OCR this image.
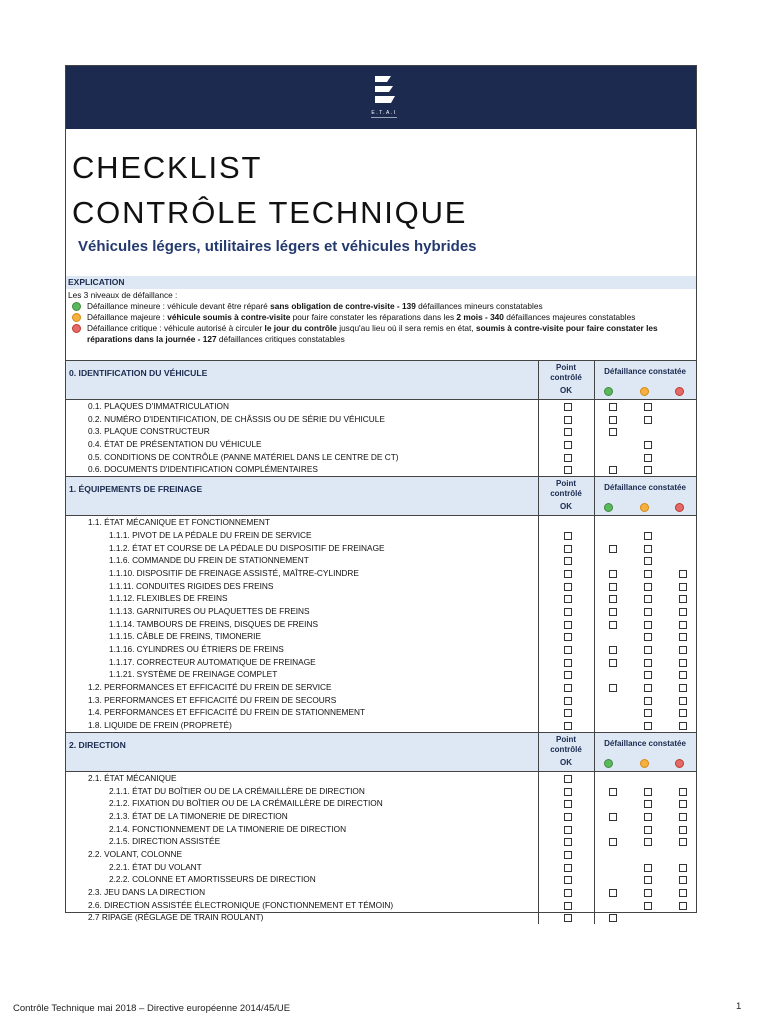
E.T.A.I
CHECKLIST
CONTRÔLE TECHNIQUE
Véhicules légers, utilitaires légers et véhicules hybrides
EXPLICATION
Les 3 niveaux de défaillance :
Défaillance mineure : véhicule devant être réparé sans obligation de contre-visite - 139 défaillances mineurs constatables
Défaillance majeure : véhicule soumis à contre-visite pour faire constater les réparations dans les 2 mois - 340 défaillances majeures constatables
Défaillance critique : véhicule autorisé à circuler le jour du contrôle jusqu'au lieu où il sera remis en état, soumis à contre-visite pour faire constater les réparations dans la journée - 127 défaillances critiques constatables
0. IDENTIFICATION DU VÉHICULE
Point
contrôlé
OK
Défaillance constatée
0.1. PLAQUES D'IMMATRICULATION
0.2. NUMÉRO D'IDENTIFICATION, DE CHÂSSIS OU DE SÉRIE DU VÉHICULE
0.3. PLAQUE CONSTRUCTEUR
0.4. ÉTAT DE PRÉSENTATION DU VÉHICULE
0.5. CONDITIONS DE CONTRÔLE (PANNE MATÉRIEL DANS LE CENTRE DE CT)
0.6. DOCUMENTS D'IDENTIFICATION COMPLÉMENTAIRES
1. ÉQUIPEMENTS DE FREINAGE
Point
contrôlé
OK
Défaillance constatée
1.1. ÉTAT MÉCANIQUE ET FONCTIONNEMENT
1.1.1. PIVOT DE LA PÉDALE DU FREIN DE SERVICE
1.1.2. ÉTAT ET COURSE DE LA PÉDALE DU DISPOSITIF DE FREINAGE
1.1.6. COMMANDE DU FREIN DE STATIONNEMENT
1.1.10. DISPOSITIF DE FREINAGE ASSISTÉ, MAÎTRE-CYLINDRE
1.1.11. CONDUITES RIGIDES DES FREINS
1.1.12. FLEXIBLES DE FREINS
1.1.13. GARNITURES OU PLAQUETTES DE FREINS
1.1.14. TAMBOURS DE FREINS, DISQUES DE FREINS
1.1.15. CÂBLE DE FREINS, TIMONERIE
1.1.16. CYLINDRES OU ÉTRIERS DE FREINS
1.1.17. CORRECTEUR AUTOMATIQUE DE FREINAGE
1.1.21. SYSTÈME DE FREINAGE COMPLET
1.2. PERFORMANCES ET EFFICACITÉ DU FREIN DE SERVICE
1.3. PERFORMANCES ET EFFICACITÉ DU FREIN DE SECOURS
1.4. PERFORMANCES ET EFFICACITÉ DU FREIN DE STATIONNEMENT
1.8. LIQUIDE DE FREIN (PROPRETÉ)
2. DIRECTION
Point
contrôlé
OK
Défaillance constatée
2.1. ÉTAT MÉCANIQUE
2.1.1. ÉTAT DU BOÎTIER OU DE LA CRÉMAILLÈRE DE DIRECTION
2.1.2. FIXATION DU BOÎTIER OU DE LA CRÉMAILLÈRE DE DIRECTION
2.1.3. ÉTAT DE LA TIMONERIE DE DIRECTION
2.1.4. FONCTIONNEMENT DE LA TIMONERIE DE DIRECTION
2.1.5. DIRECTION ASSISTÉE
2.2. VOLANT, COLONNE
2.2.1. ÉTAT DU VOLANT
2.2.2. COLONNE ET AMORTISSEURS DE DIRECTION
2.3. JEU DANS LA DIRECTION
2.6. DIRECTION ASSISTÉE ÉLECTRONIQUE (FONCTIONNEMENT ET TÉMOIN)
2.7 RIPAGE (RÉGLAGE DE TRAIN ROULANT)
Contrôle Technique mai 2018 – Directive européenne 2014/45/UE	1
